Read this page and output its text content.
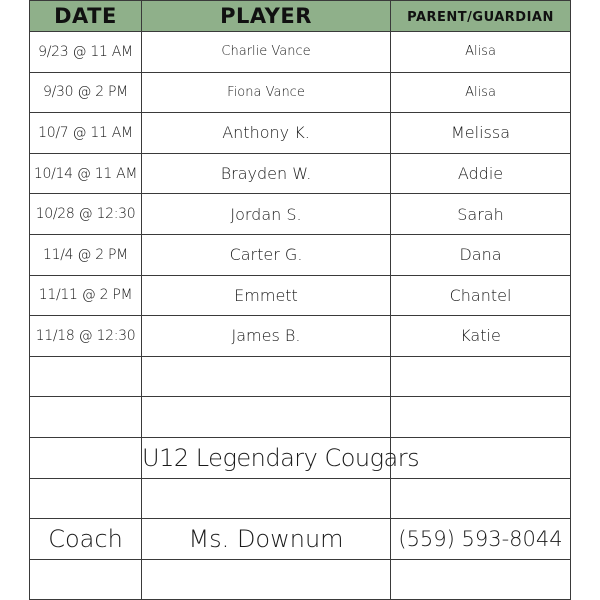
DATE	PLAYER	PARENT/GUARDIAN
9/23 @ 11 AM	Charlie Vance	Alisa
9/30 @ 2 PM	Fiona Vance	Alisa
10/7 @ 11 AM	Anthony K.	Melissa
10/14 @ 11 AM	Brayden W.	Addie
10/28 @ 12:30	Jordan S.	Sarah
11/4 @ 2 PM	Carter G.	Dana
11/11 @ 2 PM	Emmett	Chantel
11/18 @ 12:30	James B.	Katie

	U12 Legendary Cougars	

Coach	Ms. Downum	(559) 593-8044
